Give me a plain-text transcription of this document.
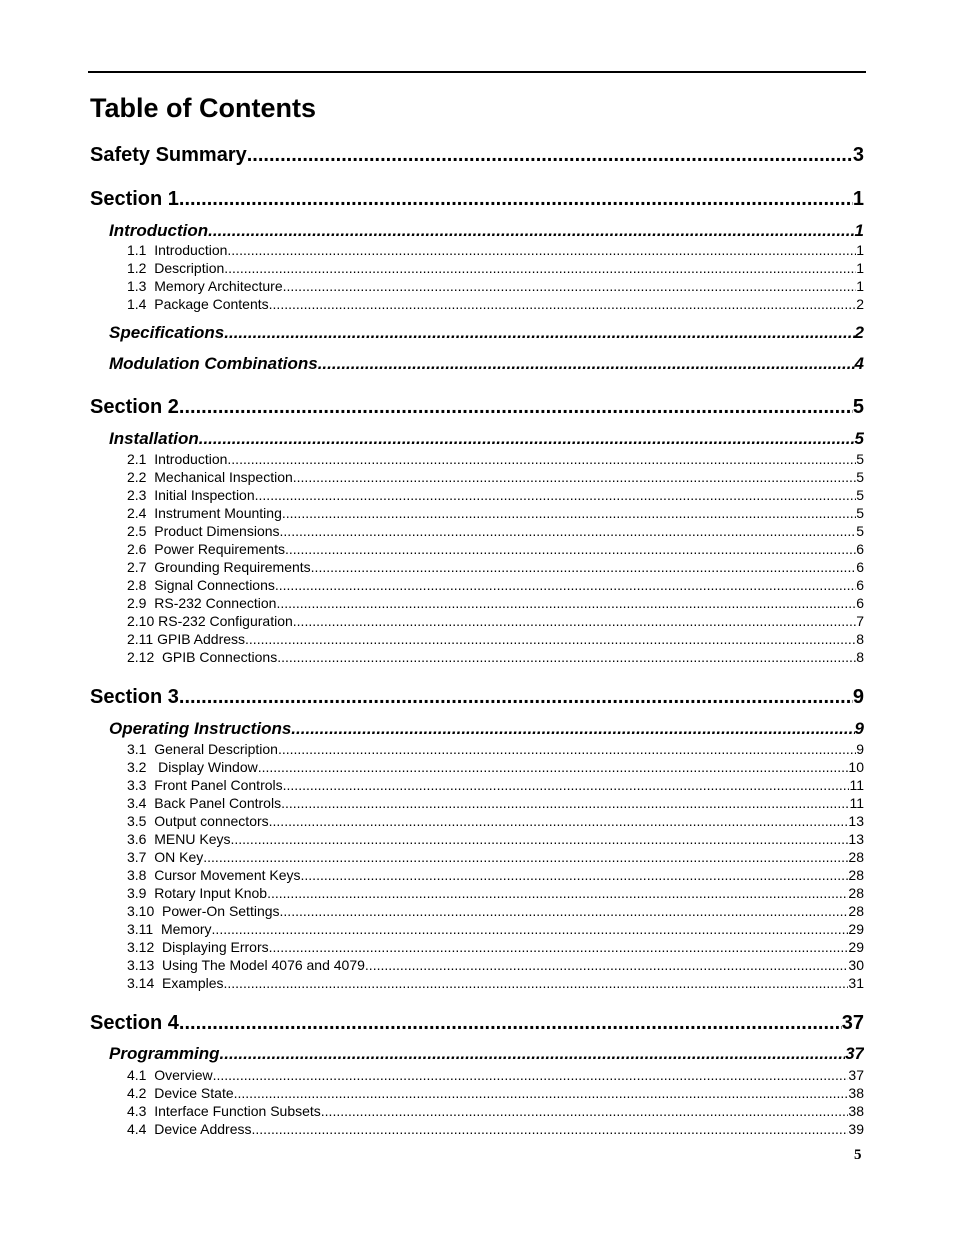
Table of Contents
Safety Summary .....	3
Section 1 .....	1
Introduction .....	1
1.1  Introduction .....	1
1.2  Description .....	1
1.3  Memory Architecture .....	1
1.4  Package Contents .....	2
Specifications .....	2
Modulation Combinations .....	4
Section 2 .....	5
Installation .....	5
2.1  Introduction .....	5
2.2  Mechanical Inspection .....	5
2.3  Initial Inspection .....	5
2.4  Instrument Mounting .....	5
2.5  Product Dimensions .....	5
2.6  Power Requirements .....	6
2.7  Grounding Requirements .....	6
2.8  Signal Connections .....	6
2.9  RS-232 Connection .....	6
2.10 RS-232 Configuration .....	7
2.11 GPIB Address .....	8
2.12  GPIB Connections .....	8
Section 3 .....	9
Operating Instructions .....	9
3.1  General Description .....	9
3.2   Display Window .....	10
3.3  Front Panel Controls .....	11
3.4  Back Panel Controls .....	11
3.5  Output connectors .....	13
3.6  MENU Keys .....	13
3.7  ON Key .....	28
3.8  Cursor Movement Keys .....	28
3.9  Rotary Input Knob .....	28
3.10  Power-On Settings .....	28
3.11  Memory .....	29
3.12  Displaying Errors .....	29
3.13  Using The Model 4076 and 4079 .....	30
3.14  Examples .....	31
Section 4 .....	37
Programming .....	37
4.1  Overview .....	37
4.2  Device State .....	38
4.3  Interface Function Subsets .....	38
4.4  Device Address .....	39
5
